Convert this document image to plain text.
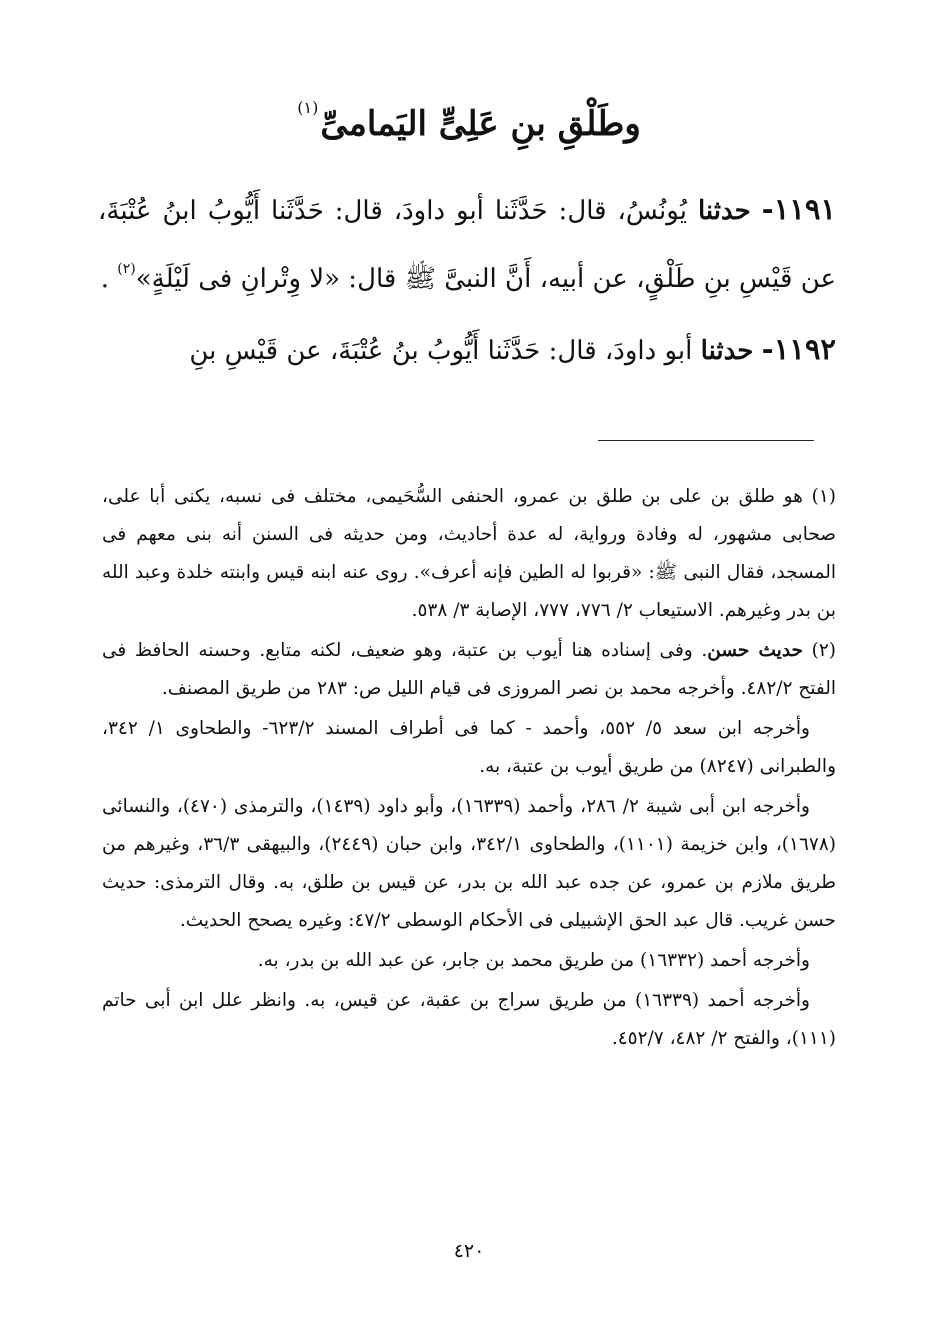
وطَلْقِ بنِ عَلِىٍّ اليَمامىِّ$^{(١)}$

١١٩١- حدثنا يُونُسُ، قال: حَدَّثَنا أبو داودَ، قال: حَدَّثَنا أَيُّوبُ ابنُ عُتْبَةَ، عن قَيْسِ بنِ طَلْقٍ، عن أبيه، أَنَّ النبىَّ ﷺ قال: «لا وِتْرانِ فى لَيْلَةٍ»$^{(٢)}$ .

١١٩٢- حدثنا أبو داودَ، قال: حَدَّثَنا أَيُّوبُ بنُ عُتْبَةَ، عن قَيْسِ بنِ

(١) هو طلق بن على بن طلق بن عمرو، الحنفى السُّحَيمى، مختلف فى نسبه، يكنى أبا على، صحابى مشهور، له وفادة ورواية، له عدة أحاديث، ومن حديثه فى السنن أنه بنى معهم فى المسجد، فقال النبى ﷺ: «قربوا له الطين فإنه أعرف». روى عنه ابنه قيس وابنته خلدة وعبد الله بن بدر وغيرهم. الاستيعاب ٢/ ٧٧٦، ٧٧٧، الإصابة ٣/ ٥٣٨.

(٢) حديث حسن. وفى إسناده هنا أيوب بن عتبة، وهو ضعيف، لكنه متابع. وحسنه الحافظ فى الفتح ٤٨٢/٢. وأخرجه محمد بن نصر المروزى فى قيام الليل ص: ٢٨٣ من طريق المصنف.

وأخرجه ابن سعد ٥/ ٥٥٢، وأحمد - كما فى أطراف المسند ٦٢٣/٢- والطحاوى ١/ ٣٤٢، والطبرانى (٨٢٤٧) من طريق أيوب بن عتبة، به.

وأخرجه ابن أبى شيبة ٢/ ٢٨٦، وأحمد (١٦٣٣٩)، وأبو داود (١٤٣٩)، والترمذى (٤٧٠)، والنسائى (١٦٧٨)، وابن خزيمة (١١٠١)، والطحاوى ٣٤٢/١، وابن حبان (٢٤٤٩)، والبيهقى ٣٦/٣، وغيرهم من طريق ملازم بن عمرو، عن جده عبد الله بن بدر، عن قيس بن طلق، به. وقال الترمذى: حديث حسن غريب. قال عبد الحق الإشبيلى فى الأحكام الوسطى ٤٧/٢: وغيره يصحح الحديث.

وأخرجه أحمد (١٦٣٣٢) من طريق محمد بن جابر، عن عبد الله بن بدر، به.

وأخرجه أحمد (١٦٣٣٩) من طريق سراج بن عقبة، عن قيس، به. وانظر علل ابن أبى حاتم (١١١)، والفتح ٢/ ٤٨٢، ٤٥٢/٧.

٤٢٠
